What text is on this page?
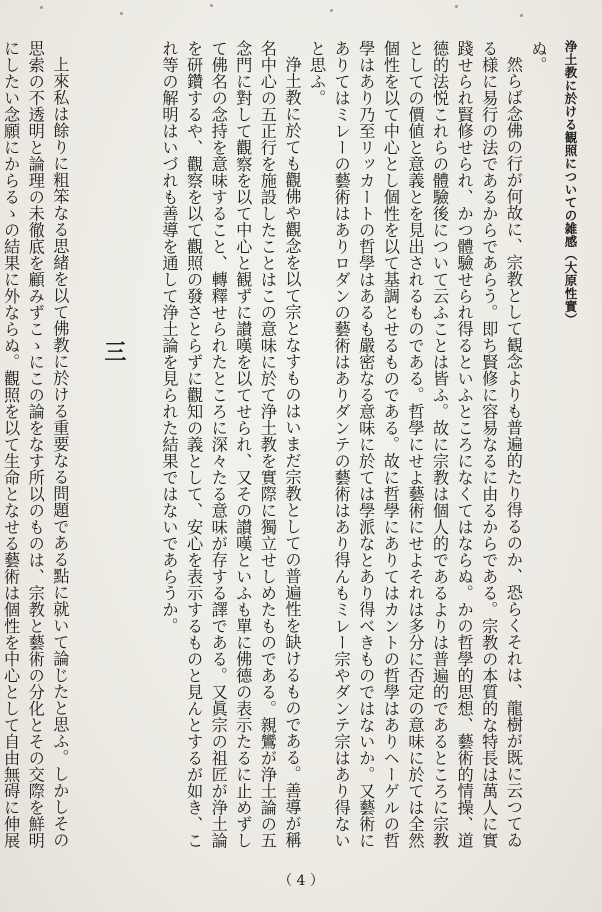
浄土教に於ける観照についての雑感（大原性實）

ぬ。

然らば念佛の行が何故に、宗教として観念よりも普遍的たり得るのか、恐らくそれは、龍樹が既に云つてゐる様に易行の法であるからであらう。即ち賢修に容易なるに由るからである。宗教の本質的な特長は萬人に實踐せられ賢修せられ、かつ體驗せられ得るといふところになくてはならぬ。かの哲學的思想、藝術的情操、道德的法悦これらの體驗後について云ふことは皆ふ。故に宗教は個人的であるよりは普遍的であるところに宗教としての價値と意義とを見出されるものである。哲學にせよ藝術にせよそれは多分に否定の意味に於ては全然個性を以て中心とし個性を以て基調とせるものである。故に哲學にありてはカントの哲學はありヘーゲルの哲學はあり乃至リッカートの哲學はあるも嚴密なる意味に於ては學派なとあり得べきものではないか。又藝術にありてはミレーの藝術はありロダンの藝術はありダンテの藝術はあり得んもミレー宗やダンテ宗はあり得ないと思ふ。

浄土教に於ても觀佛や觀念を以て宗となすものはいまだ宗教としての普遍性を缺けるものである。善導が稱名中心の五正行を施設したことはこの意味に於て浄土教を實際に獨立せしめたものである。親鸞が浄土論の五念門に對して觀察を以て中心と観ずに讃嘆を以てせられ、又その讃嘆といふも單に佛德の表示たるに止めずして佛名の念持を意味すること、轉釋せられたところに深々たる意味が存する譯である。又眞宗の祖匠が浄土論を研鑽するや、觀察を以て觀照の發さとらずに觀知の義として、安心を表示するものと見んとするが如き、これ等の解明はいづれも善導を通して浄土論を見られた結果ではないであらうか。

三

上來私は餘りに粗笨なる思緒を以て佛教に於ける重要なる問題である點に就いて論じたと思ふ。しかしその思索の不透明と論理の未徹底を顧みずこゝにこの論をなす所以のものは、宗教と藝術の分化とその交際を鮮明にしたい念願にからるゝの結果に外ならぬ。觀照を以て生命となせる藝術は個性を中心として自由無碍に伸展

（ 4 ）
